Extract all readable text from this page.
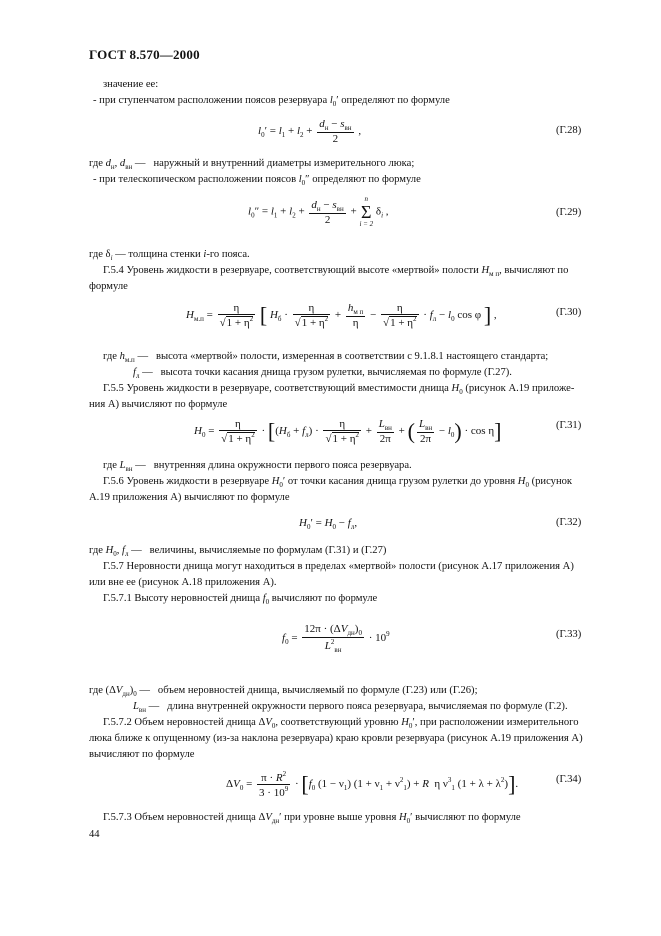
ГОСТ 8.570—2000
значение ее:
- при ступенчатом расположении поясов резервуара $l_0'$ определяют по формуле
$l_0' = l_1 + l_2 + \frac{d_н - s_{вн}}{2}$ ,	(Г.28)
где $d_н$, $d_{вн}$ —   наружный и внутренний диаметры измерительного люка;
- при телескопическом расположении поясов $l_0''$ определяют по формуле
$l_0'' = l_1 + l_2 + \frac{d_н - s_{вн}}{2}$ +
n
Σ
i = 2
$\delta_i$ ,	(Г.29)
где $\delta_i$ — толщина стенки i-го пояса.
Г.5.4 Уровень жидкости в резервуаре, соответствующий высоте «мертвой» полости $H_{м п}$, вычисляют по
формуле
$H_{м.п} = \frac{\eta}{√1 + \eta^2}$ [ $H_б \cdot \frac{\eta}{√1 + \eta^2} + \frac{h_{м п}}{\eta} - \frac{\eta}{√1 + \eta^2} \cdot f_л - l_0$ cos φ ] ,	(Г.30)
где $h_{м.п}$ —   высота «мертвой» полости, измеренная в соответствии с 9.1.8.1 настоящего стандарта;
$f_л$ —   высота точки касания днища грузом рулетки, вычисляемая по формуле (Г.27).
Г.5.5 Уровень жидкости в резервуаре, соответствующий вместимости днища $H_0$ (рисунок А.19 приложе-
ния А) вычисляют по формуле
$H_0 = \frac{\eta}{√1 + \eta^2} \cdot [(H_б + f_л) \cdot \frac{\eta}{√1 + \eta^2} + \frac{L_{вн}}{2\pi}$ + ( $\frac{L_{вн}}{2\pi} - l_0) \cdot \cos \eta$]	(Г.31)
где $L_{вн}$ —   внутренняя длина окружности первого пояса резервуара.
Г.5.6 Уровень жидкости в резервуаре $H_0'$ от точки касания днища грузом рулетки до уровня $H_0$ (рисунок
А.19 приложения А) вычисляют по формуле
$H_0' = H_0 - f_л$,	(Г.32)
где $H_0$, $f_л$ —   величины, вычисляемые по формулам (Г.31) и (Г.27)
Г.5.7 Неровности днища могут находиться в пределах «мертвой» полости (рисунок А.17 приложения А)
или вне ее (рисунок А.18 приложения А).
Г.5.7.1 Высоту неровностей днища $f_0$ вычисляют по формуле
$f_0 = \frac{12\pi \cdot (\Delta V_{дн})_0}{L^2_{вн}} \cdot 10^9$	(Г.33)
где $(\Delta V_{дн})_0$ —   объем неровностей днища, вычисляемый по формуле (Г.23) или (Г.26);
$L_{вн}$ —   длина внутренней окружности первого пояса резервуара, вычисляемая по формуле (Г.2).
Г.5.7.2 Объем неровностей днища $\Delta V_0$, соответствующий уровню $H_0'$, при расположении измерительного
люка ближе к опущенному (из-за наклона резервуара) краю кровли резервуара (рисунок А.19 приложения А)
вычисляют по формуле
$\Delta V_0 = \frac{\pi \cdot R^2}{3 \cdot 10^9} \cdot [f_0$ $(1 - \nu_1)$ $(1 + \nu_1 + \nu^2_1) + R$  η $\nu^3_1$ $(1 + \lambda + \lambda^2)$].	(Г.34)
Г.5.7.3 Объем неровностей днища $\Delta V_{дн}'$ при уровне выше уровня $H_0'$ вычисляют по формуле
44
